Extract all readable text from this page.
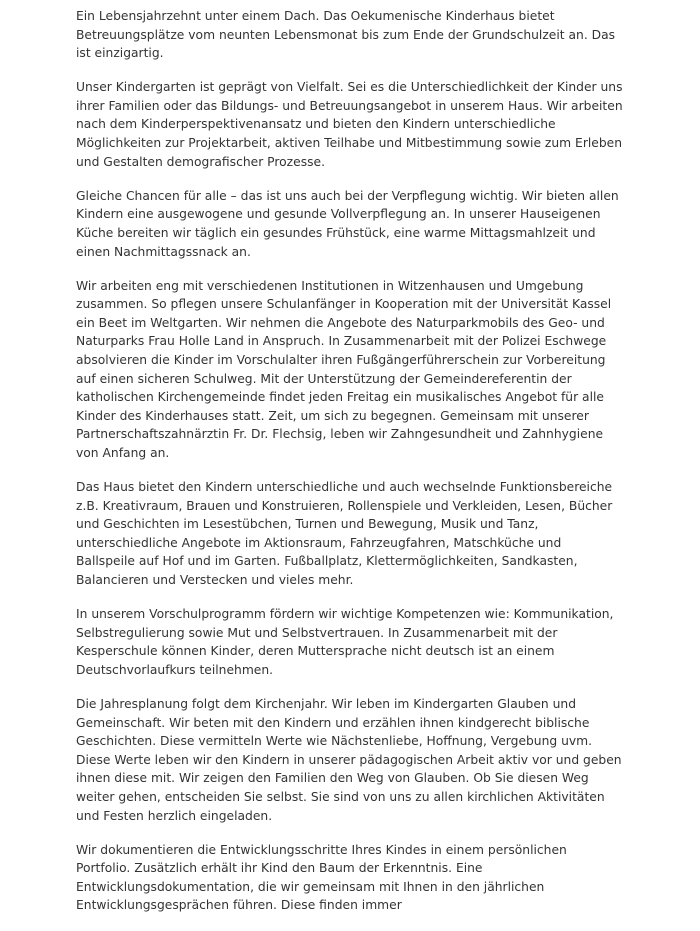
Ein Lebensjahrzehnt unter einem Dach. Das Oekumenische Kinderhaus bietet Betreuungsplätze vom neunten Lebensmonat bis zum Ende der Grundschulzeit an. Das ist einzigartig.

Unser Kindergarten ist geprägt von Vielfalt. Sei es die Unterschiedlichkeit der Kinder uns ihrer Familien oder das Bildungs- und Betreuungsangebot in unserem Haus. Wir arbeiten nach dem Kinderperspektivenansatz und bieten den Kindern unterschiedliche Möglichkeiten zur Projektarbeit, aktiven Teilhabe und Mitbestimmung sowie zum Erleben und Gestalten demografischer Prozesse.

Gleiche Chancen für alle – das ist uns auch bei der Verpflegung wichtig. Wir bieten allen Kindern eine ausgewogene und gesunde Vollverpflegung an. In unserer Hauseigenen Küche bereiten wir täglich ein gesundes Frühstück, eine warme Mittagsmahlzeit und einen Nachmittagssnack an.

Wir arbeiten eng mit verschiedenen Institutionen in Witzenhausen und Umgebung zusammen. So pflegen unsere Schulanfänger in Kooperation mit der Universität Kassel ein Beet im Weltgarten. Wir nehmen die Angebote des Naturparkmobils des Geo- und Naturparks Frau Holle Land in Anspruch. In Zusammenarbeit mit der Polizei Eschwege absolvieren die Kinder im Vorschulalter ihren Fußgängerführerschein zur Vorbereitung auf einen sicheren Schulweg. Mit der Unterstützung der Gemeindereferentin der katholischen Kirchengemeinde findet jeden Freitag ein musikalisches Angebot für alle Kinder des Kinderhauses statt. Zeit, um sich zu begegnen. Gemeinsam mit unserer Partnerschaftszahnärztin Fr. Dr. Flechsig, leben wir Zahngesundheit und Zahnhygiene von Anfang an.

Das Haus bietet den Kindern unterschiedliche und auch wechselnde Funktionsbereiche z.B. Kreativraum, Brauen und Konstruieren, Rollenspiele und Verkleiden, Lesen, Bücher und Geschichten im Lesestübchen, Turnen und Bewegung, Musik und Tanz, unterschiedliche Angebote im Aktionsraum, Fahrzeugfahren, Matschküche und Ballspeile auf Hof und im Garten. Fußballplatz, Klettermöglichkeiten, Sandkasten, Balancieren und Verstecken und vieles mehr.

In unserem Vorschulprogramm fördern wir wichtige Kompetenzen wie: Kommunikation, Selbstregulierung sowie Mut und Selbstvertrauen. In Zusammenarbeit mit der Kesperschule können Kinder, deren Muttersprache nicht deutsch ist an einem Deutschvorlaufkurs teilnehmen.

Die Jahresplanung folgt dem Kirchenjahr. Wir leben im Kindergarten Glauben und Gemeinschaft. Wir beten mit den Kindern und erzählen ihnen kindgerecht biblische Geschichten. Diese vermitteln Werte wie Nächstenliebe, Hoffnung, Vergebung uvm. Diese Werte leben wir den Kindern in unserer pädagogischen Arbeit aktiv vor und geben ihnen diese mit. Wir zeigen den Familien den Weg von Glauben. Ob Sie diesen Weg weiter gehen, entscheiden Sie selbst. Sie sind von uns zu allen kirchlichen Aktivitäten und Festen herzlich eingeladen.

Wir dokumentieren die Entwicklungsschritte Ihres Kindes in einem persönlichen Portfolio. Zusätzlich erhält ihr Kind den Baum der Erkenntnis. Eine Entwicklungsdokumentation, die wir gemeinsam mit Ihnen in den jährlichen Entwicklungsgesprächen führen. Diese finden immer
